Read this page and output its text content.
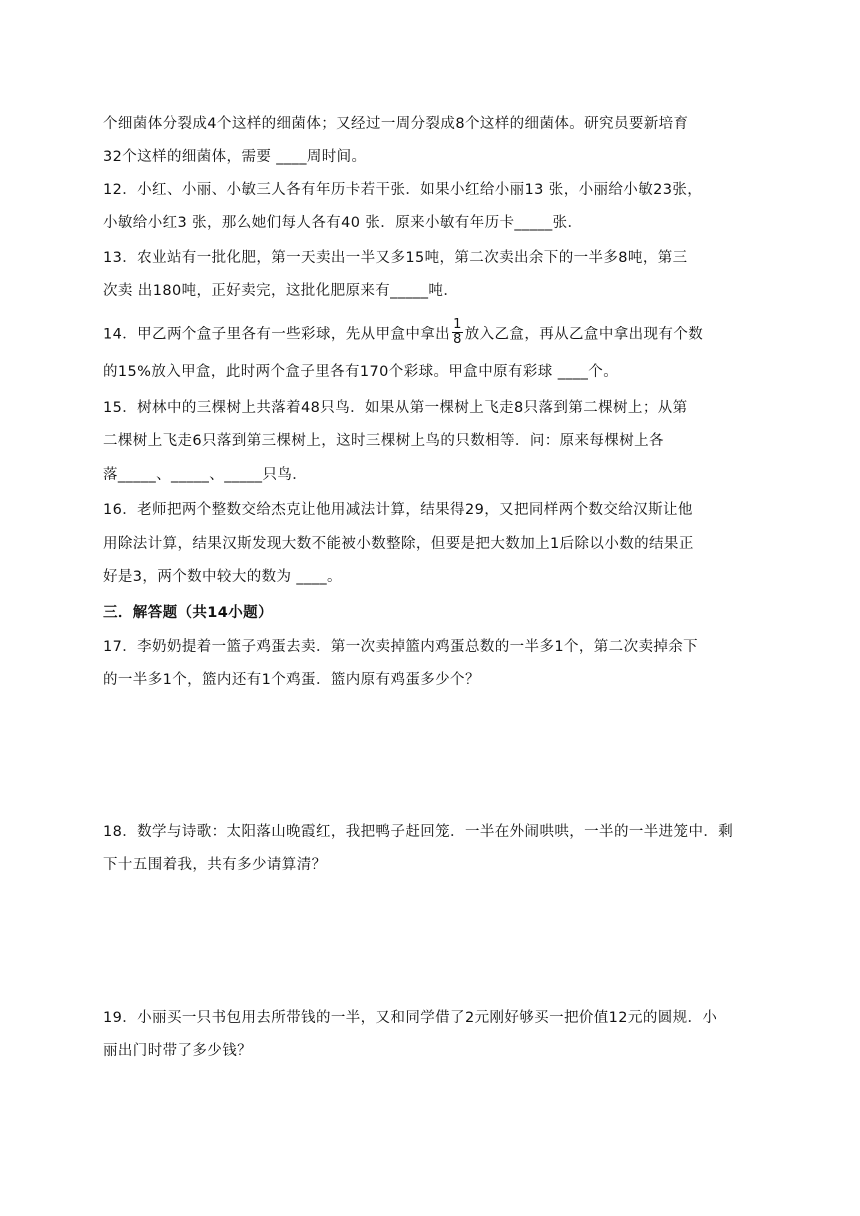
个细菌体分裂成4个这样的细菌体；又经过一周分裂成8个这样的细菌体。研究员要新培育
32个这样的细菌体，需要 ____周时间。
12．小红、小丽、小敏三人各有年历卡若干张．如果小红给小丽13 张，小丽给小敏23张，
小敏给小红3 张，那么她们每人各有40 张．原来小敏有年历卡_____张．
13．农业站有一批化肥，第一天卖出一半又多15吨，第二次卖出余下的一半多8吨，第三
次卖 出180吨，正好卖完，这批化肥原来有_____吨．
14．甲乙两个盒子里各有一些彩球，先从甲盒中拿出 $\frac{1}{8}$ 放入乙盒，再从乙盒中拿出现有个数
的15%放入甲盒，此时两个盒子里各有170个彩球。甲盒中原有彩球 ____个。
15．树林中的三棵树上共落着48只鸟．如果从第一棵树上飞走8只落到第二棵树上；从第
二棵树上飞走6只落到第三棵树上，这时三棵树上鸟的只数相等．问：原来每棵树上各
落_____、_____、_____只鸟．
16．老师把两个整数交给杰克让他用减法计算，结果得29，又把同样两个数交给汉斯让他
用除法计算，结果汉斯发现大数不能被小数整除，但要是把大数加上1后除以小数的结果正
好是3，两个数中较大的数为 ____。
三．解答题（共14小题）
17．李奶奶提着一篮子鸡蛋去卖．第一次卖掉篮内鸡蛋总数的一半多1个，第二次卖掉余下
的一半多1个，篮内还有1个鸡蛋．篮内原有鸡蛋多少个？
18．数学与诗歌：太阳落山晚霞红，我把鸭子赶回笼．一半在外闹哄哄，一半的一半进笼中．剩
下十五围着我，共有多少请算清？
19．小丽买一只书包用去所带钱的一半，又和同学借了2元刚好够买一把价值12元的圆规．小
丽出门时带了多少钱？
